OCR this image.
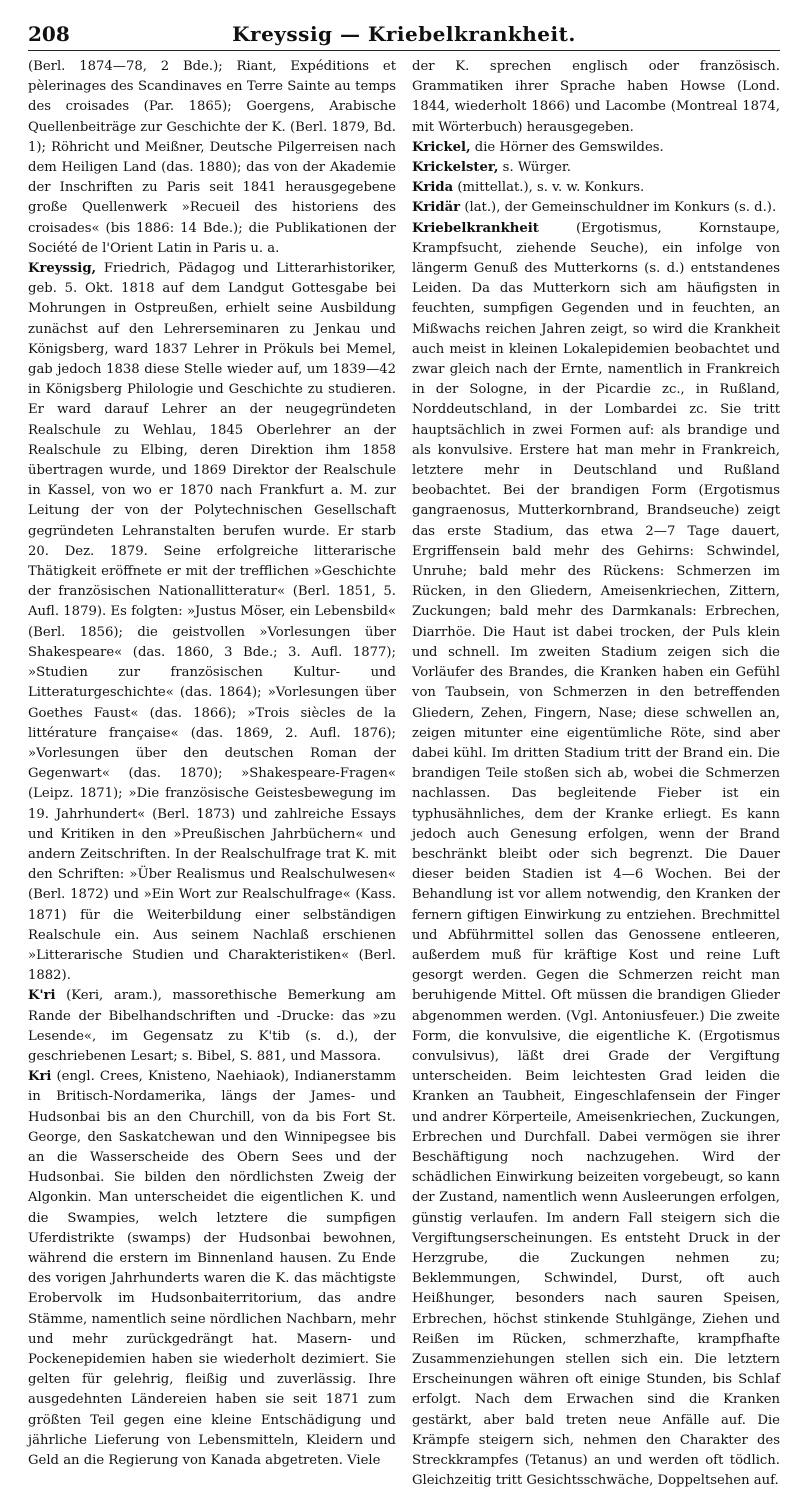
208	Kreyssig — Kriebelkrankheit.

(Berl. 1874—78, 2 Bde.); Riant, Expéditions et pèlerinages des Scandinaves en Terre Sainte au temps des croisades (Par. 1865); Goergens, Arabische Quellenbeiträge zur Geschichte der K. (Berl. 1879, Bd. 1); Röhricht und Meißner, Deutsche Pilgerreisen nach dem Heiligen Land (das. 1880); das von der Akademie der Inschriften zu Paris seit 1841 herausgegebene große Quellenwerk »Recueil des historiens des croisades« (bis 1886: 14 Bde.); die Publikationen der Société de l'Orient Latin in Paris u. a.

Kreyssig, Friedrich, Pädagog und Litterarhistoriker, geb. 5. Okt. 1818 auf dem Landgut Gottesgabe bei Mohrungen in Ostpreußen, erhielt seine Ausbildung zunächst auf den Lehrerseminaren zu Jenkau und Königsberg, ward 1837 Lehrer in Prökuls bei Memel, gab jedoch 1838 diese Stelle wieder auf, um 1839—42 in Königsberg Philologie und Geschichte zu studieren. Er ward darauf Lehrer an der neugegründeten Realschule zu Wehlau, 1845 Oberlehrer an der Realschule zu Elbing, deren Direktion ihm 1858 übertragen wurde, und 1869 Direktor der Realschule in Kassel, von wo er 1870 nach Frankfurt a. M. zur Leitung der von der Polytechnischen Gesellschaft gegründeten Lehranstalten berufen wurde. Er starb 20. Dez. 1879. Seine erfolgreiche litterarische Thätigkeit eröffnete er mit der trefflichen »Geschichte der französischen Nationallitteratur« (Berl. 1851, 5. Aufl. 1879). Es folgten: »Justus Möser, ein Lebensbild« (Berl. 1856); die geistvollen »Vorlesungen über Shakespeare« (das. 1860, 3 Bde.; 3. Aufl. 1877); »Studien zur französischen Kultur- und Litteraturgeschichte« (das. 1864); »Vorlesungen über Goethes Faust« (das. 1866); »Trois siècles de la littérature française« (das. 1869, 2. Aufl. 1876); »Vorlesungen über den deutschen Roman der Gegenwart« (das. 1870); »Shakespeare-Fragen« (Leipz. 1871); »Die französische Geistesbewegung im 19. Jahrhundert« (Berl. 1873) und zahlreiche Essays und Kritiken in den »Preußischen Jahrbüchern« und andern Zeitschriften. In der Realschulfrage trat K. mit den Schriften: »Über Realismus und Realschulwesen« (Berl. 1872) und »Ein Wort zur Realschulfrage« (Kass. 1871) für die Weiterbildung einer selbständigen Realschule ein. Aus seinem Nachlaß erschienen »Litterarische Studien und Charakteristiken« (Berl. 1882).

K'ri (Keri, aram.), massorethische Bemerkung am Rande der Bibelhandschriften und -Drucke: das »zu Lesende«, im Gegensatz zu K'tib (s. d.), der geschriebenen Lesart; s. Bibel, S. 881, und Massora.

Kri (engl. Crees, Knisteno, Naehiaok), Indianerstamm in Britisch-Nordamerika, längs der James- und Hudsonbai bis an den Churchill, von da bis Fort St. George, den Saskatchewan und den Winnipegsee bis an die Wasserscheide des Obern Sees und der Hudsonbai. Sie bilden den nördlichsten Zweig der Algonkin. Man unterscheidet die eigentlichen K. und die Swampies, welch letztere die sumpfigen Uferdistrikte (swamps) der Hudsonbai bewohnen, während die erstern im Binnenland hausen. Zu Ende des vorigen Jahrhunderts waren die K. das mächtigste Erobervolk im Hudsonbaiterritorium, das andre Stämme, namentlich seine nördlichen Nachbarn, mehr und mehr zurückgedrängt hat. Masern- und Pockenepidemien haben sie wiederholt dezimiert. Sie gelten für gelehrig, fleißig und zuverlässig. Ihre ausgedehnten Ländereien haben sie seit 1871 zum größten Teil gegen eine kleine Entschädigung und jährliche Lieferung von Lebensmitteln, Kleidern und Geld an die Regierung von Kanada abgetreten. Viele

der K. sprechen englisch oder französisch. Grammatiken ihrer Sprache haben Howse (Lond. 1844, wiederholt 1866) und Lacombe (Montreal 1874, mit Wörterbuch) herausgegeben.

Krickel, die Hörner des Gemswildes.

Krickelster, s. Würger.

Krida (mittellat.), s. v. w. Konkurs.

Kridär (lat.), der Gemeinschuldner im Konkurs (s. d.).

Kriebelkrankheit (Ergotismus, Kornstaupe, Krampfsucht, ziehende Seuche), ein infolge von längerm Genuß des Mutterkorns (s. d.) entstandenes Leiden. Da das Mutterkorn sich am häufigsten in feuchten, sumpfigen Gegenden und in feuchten, an Mißwachs reichen Jahren zeigt, so wird die Krankheit auch meist in kleinen Lokalepidemien beobachtet und zwar gleich nach der Ernte, namentlich in Frankreich in der Sologne, in der Picardie zc., in Rußland, Norddeutschland, in der Lombardei zc. Sie tritt hauptsächlich in zwei Formen auf: als brandige und als konvulsive. Erstere hat man mehr in Frankreich, letztere mehr in Deutschland und Rußland beobachtet. Bei der brandigen Form (Ergotismus gangraenosus, Mutterkornbrand, Brandseuche) zeigt das erste Stadium, das etwa 2—7 Tage dauert, Ergriffensein bald mehr des Gehirns: Schwindel, Unruhe; bald mehr des Rückens: Schmerzen im Rücken, in den Gliedern, Ameisenkriechen, Zittern, Zuckungen; bald mehr des Darmkanals: Erbrechen, Diarrhöe. Die Haut ist dabei trocken, der Puls klein und schnell. Im zweiten Stadium zeigen sich die Vorläufer des Brandes, die Kranken haben ein Gefühl von Taubsein, von Schmerzen in den betreffenden Gliedern, Zehen, Fingern, Nase; diese schwellen an, zeigen mitunter eine eigentümliche Röte, sind aber dabei kühl. Im dritten Stadium tritt der Brand ein. Die brandigen Teile stoßen sich ab, wobei die Schmerzen nachlassen. Das begleitende Fieber ist ein typhusähnliches, dem der Kranke erliegt. Es kann jedoch auch Genesung erfolgen, wenn der Brand beschränkt bleibt oder sich begrenzt. Die Dauer dieser beiden Stadien ist 4—6 Wochen. Bei der Behandlung ist vor allem notwendig, den Kranken der fernern giftigen Einwirkung zu entziehen. Brechmittel und Abführmittel sollen das Genossene entleeren, außerdem muß für kräftige Kost und reine Luft gesorgt werden. Gegen die Schmerzen reicht man beruhigende Mittel. Oft müssen die brandigen Glieder abgenommen werden. (Vgl. Antoniusfeuer.) Die zweite Form, die konvulsive, die eigentliche K. (Ergotismus convulsivus), läßt drei Grade der Vergiftung unterscheiden. Beim leichtesten Grad leiden die Kranken an Taubheit, Eingeschlafensein der Finger und andrer Körperteile, Ameisenkriechen, Zuckungen, Erbrechen und Durchfall. Dabei vermögen sie ihrer Beschäftigung noch nachzugehen. Wird der schädlichen Einwirkung beizeiten vorgebeugt, so kann der Zustand, namentlich wenn Ausleerungen erfolgen, günstig verlaufen. Im andern Fall steigern sich die Vergiftungserscheinungen. Es entsteht Druck in der Herzgrube, die Zuckungen nehmen zu; Beklemmungen, Schwindel, Durst, oft auch Heißhunger, besonders nach sauren Speisen, Erbrechen, höchst stinkende Stuhlgänge, Ziehen und Reißen im Rücken, schmerzhafte, krampfhafte Zusammenziehungen stellen sich ein. Die letztern Erscheinungen währen oft einige Stunden, bis Schlaf erfolgt. Nach dem Erwachen sind die Kranken gestärkt, aber bald treten neue Anfälle auf. Die Krämpfe steigern sich, nehmen den Charakter des Streckkrampfes (Tetanus) an und werden oft tödlich. Gleichzeitig tritt Gesichtsschwäche, Doppeltsehen auf.
